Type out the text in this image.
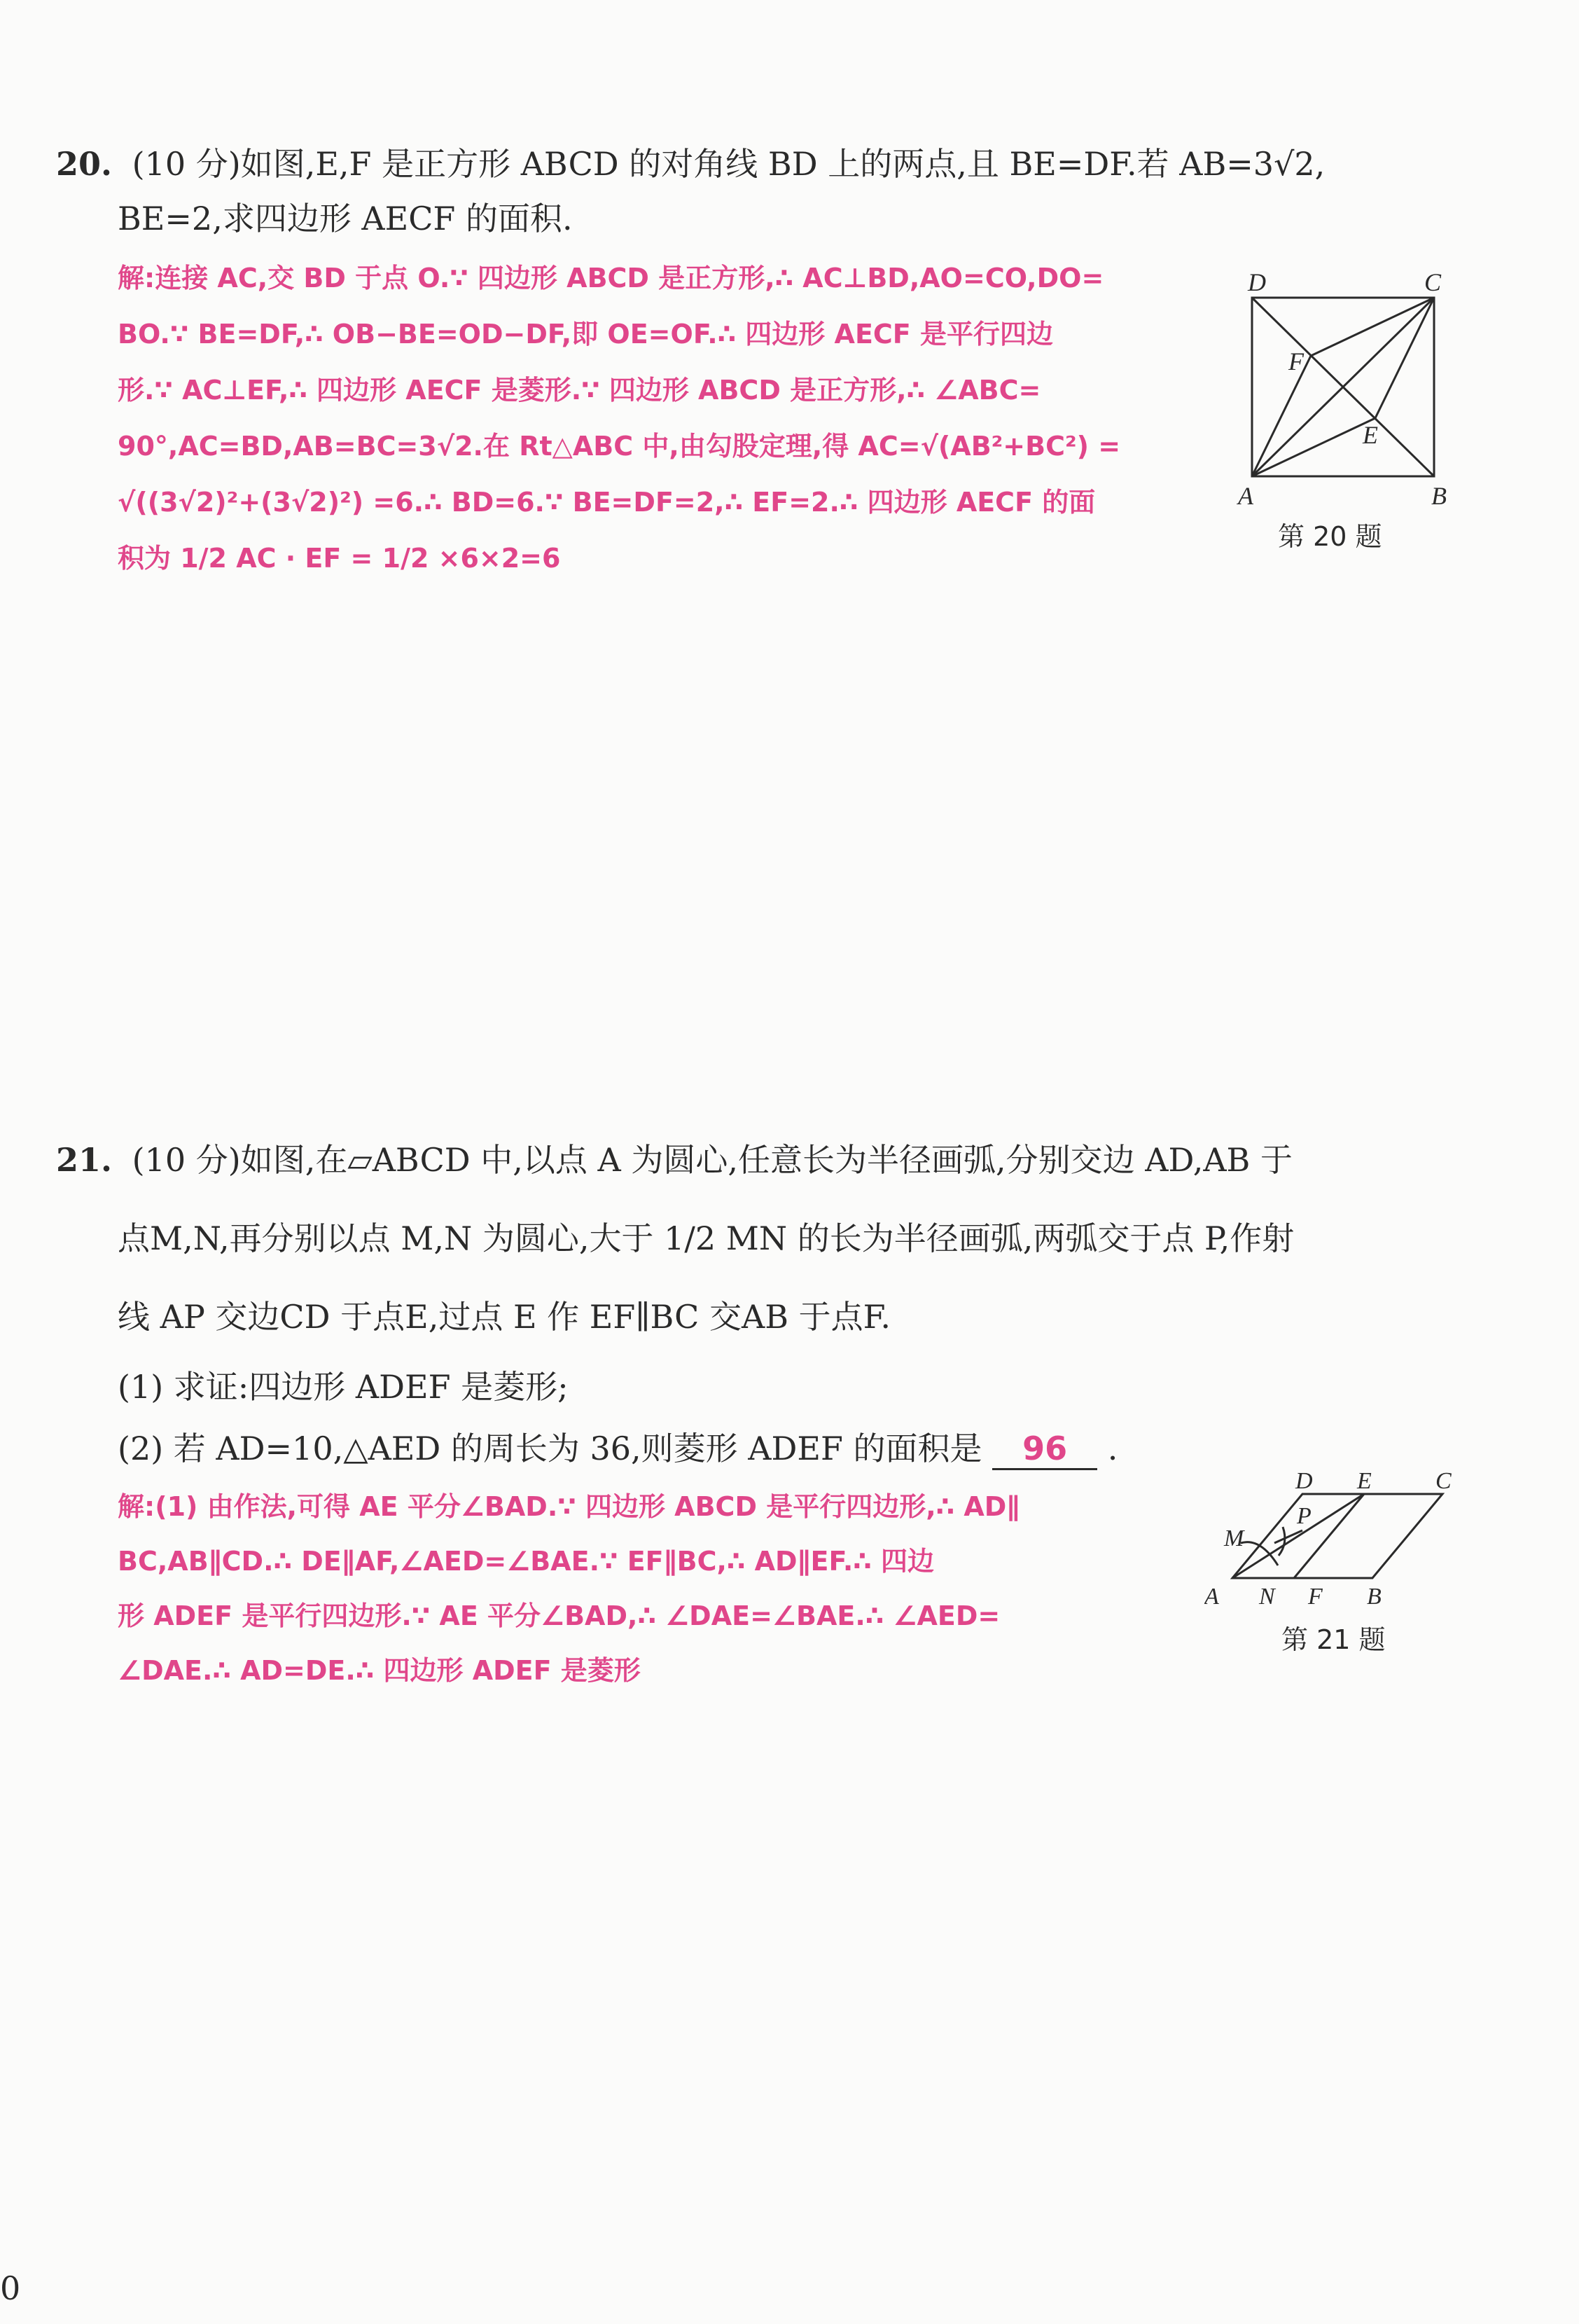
20. (10 分)如图,E,F 是正方形 ABCD 的对角线 BD 上的两点,且 BE=DF.若 AB=3√2,
BE=2,求四边形 AECF 的面积.
解:连接 AC,交 BD 于点 O.∵ 四边形 ABCD 是正方形,∴ AC⊥BD,AO=CO,DO=
BO.∵ BE=DF,∴ OB−BE=OD−DF,即 OE=OF.∴ 四边形 AECF 是平行四边
形.∵ AC⊥EF,∴ 四边形 AECF 是菱形.∵ 四边形 ABCD 是正方形,∴ ∠ABC=
90°,AC=BD,AB=BC=3√2.在 Rt△ABC 中,由勾股定理,得 AC=√(AB²+BC²) =
√((3√2)²+(3√2)²) =6.∴ BD=6.∵ BE=DF=2,∴ EF=2.∴ 四边形 AECF 的面
积为 1/2 AC · EF = 1/2 ×6×2=6
D	C
A	B
F
E
第 20 题
21. (10 分)如图,在▱ABCD 中,以点 A 为圆心,任意长为半径画弧,分别交边 AD,AB 于
点M,N,再分别以点 M,N 为圆心,大于 1/2 MN 的长为半径画弧,两弧交于点 P,作射
线 AP 交边CD 于点E,过点 E 作 EF∥BC 交AB 于点F.
(1) 求证:四边形 ADEF 是菱形;
(2) 若 AD=10,△AED 的周长为 36,则菱形 ADEF 的面积是 96 .
解:(1) 由作法,可得 AE 平分∠BAD.∵ 四边形 ABCD 是平行四边形,∴ AD∥
BC,AB∥CD.∴ DE∥AF,∠AED=∠BAE.∵ EF∥BC,∴ AD∥EF.∴ 四边
形 ADEF 是平行四边形.∵ AE 平分∠BAD,∴ ∠DAE=∠BAE.∴ ∠AED=
∠DAE.∴ AD=DE.∴ 四边形 ADEF 是菱形
D E	C
A N F B
M
P
第 21 题
0
